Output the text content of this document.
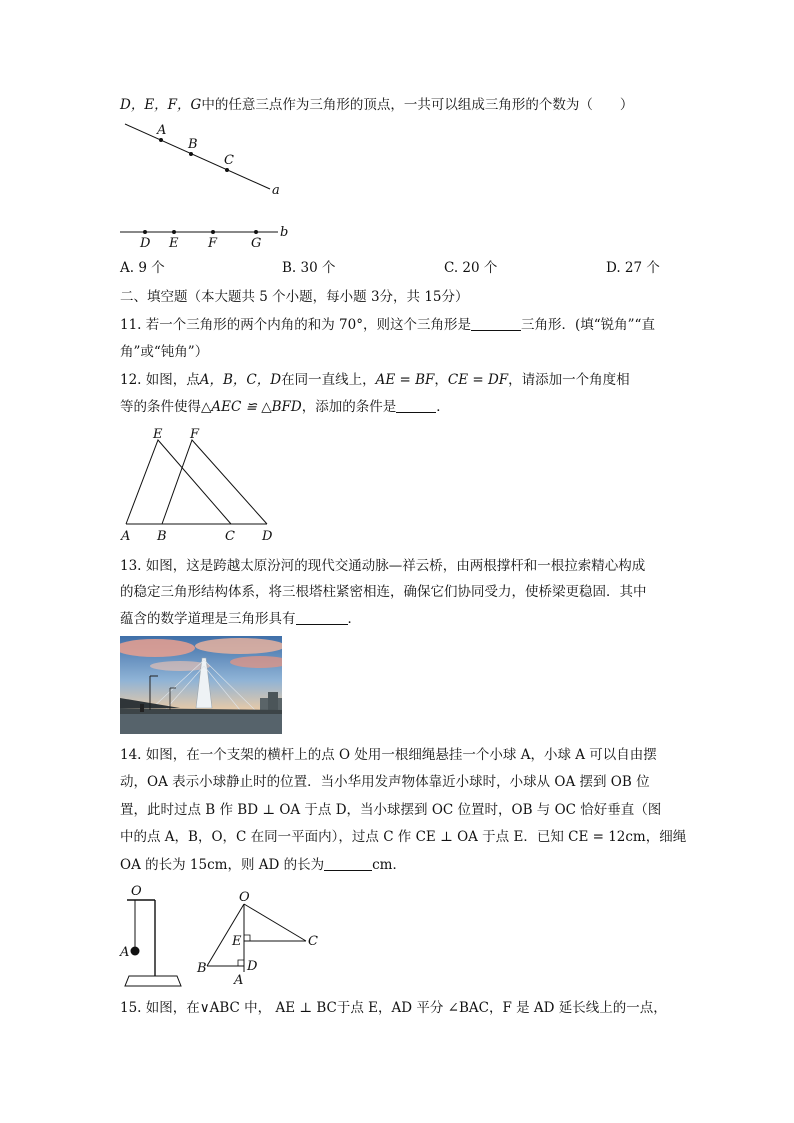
D，E，F，G中的任意三点作为三角形的顶点，一共可以组成三角形的个数为（　　）
A
B
C
a
D E F	G
b
A. 9 个	B. 30 个	C. 20 个	D. 27 个
二、填空题（本大题共 5 个小题，每小题 3分，共 15分）
11. 若一个三角形的两个内角的和为 70°，则这个三角形是	三角形．(填“锐角”“直
角”或“钝角”）
12. 如图，点A，B，C，D在同一直线上，AE = BF，CE = DF，请添加一个角度相
等的条件使得△AEC ≌ △BFD，添加的条件是	．
E F
A B	C D
13. 如图，这是跨越太原汾河的现代交通动脉—祥云桥，由两根撑杆和一根拉索精心构成
的稳定三角形结构体系，将三根塔柱紧密相连，确保它们协同受力，使桥梁更稳固．其中
蕴含的数学道理是三角形具有	．
14. 如图，在一个支架的横杆上的点 O 处用一根细绳悬挂一个小球 A，小球 A 可以自由摆
动，OA 表示小球静止时的位置．当小华用发声物体靠近小球时，小球从 OA 摆到 OB 位
置，此时过点 B 作 BD ⊥ OA 于点 D，当小球摆到 OC 位置时，OB 与 OC 恰好垂直（图
中的点 A，B，O，C 在同一平面内），过点 C 作 CE ⊥ OA 于点 E．已知 CE = 12cm，细绳
OA 的长为 15cm，则 AD 的长为	cm．
O
A
O
E	C
B	D
A
15. 如图，在∨ABC 中， AE ⊥ BC于点 E，AD 平分 ∠BAC，F 是 AD 延长线上的一点，
